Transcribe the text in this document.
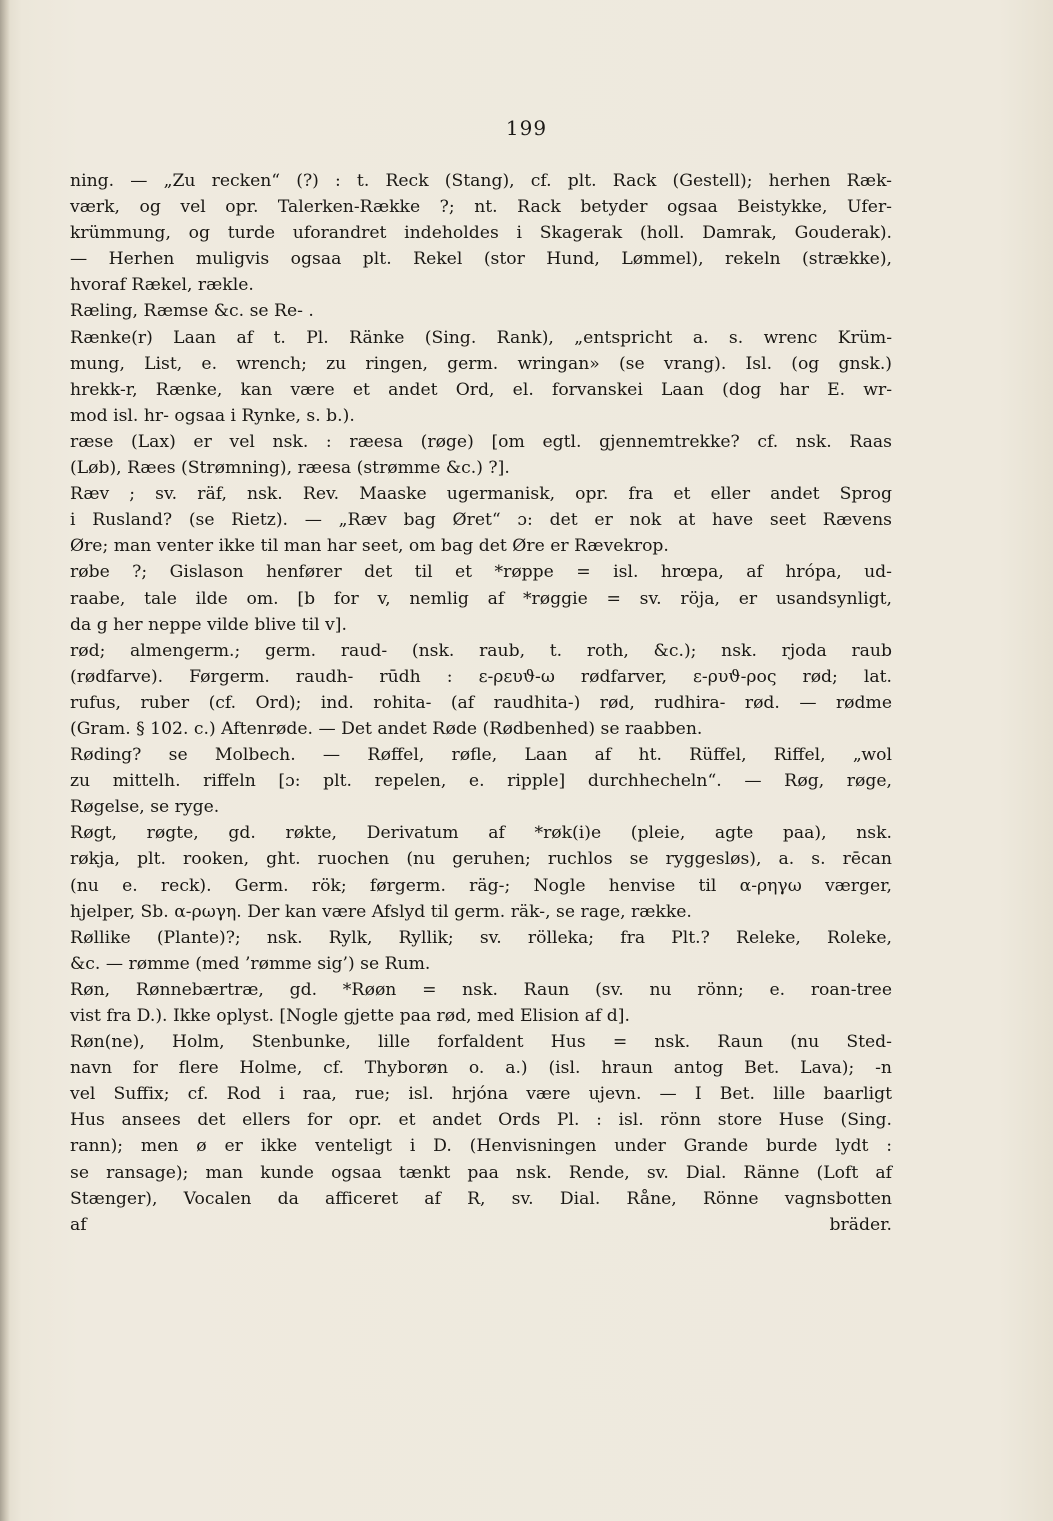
199
ning. — „Zu recken“ (?) : t. Reck (Stang), cf. plt. Rack (Gestell); herhen Ræk-
værk, og vel opr. Talerken-Række ?; nt. Rack betyder ogsaa Beistykke, Ufer-
krümmung, og turde uforandret indeholdes i Skagerak (holl. Damrak, Gouderak).
— Herhen muligvis ogsaa plt. Rekel (stor Hund, Lømmel), rekeln (strække),
hvoraf Rækel, rækle.
Ræling, Ræmse &c. se Re- .
Rænke(r) Laan af t. Pl. Ränke (Sing. Rank), „entspricht a. s. wrenc Krüm-
mung, List, e. wrench; zu ringen, germ. wringan» (se vrang). Isl. (og gnsk.)
hrekk-r, Rænke, kan være et andet Ord, el. forvanskei Laan (dog har E. wr-
mod isl. hr- ogsaa i Rynke, s. b.).
ræse (Lax) er vel nsk. : ræesa (røge) [om egtl. gjennemtrekke? cf. nsk. Raas
(Løb), Ræes (Strømning), ræesa (strømme &c.) ?].
Ræv ; sv. räf, nsk. Rev. Maaske ugermanisk, opr. fra et eller andet Sprog
i Rusland? (se Rietz). — „Ræv bag Øret“ ɔ: det er nok at have seet Rævens
Øre; man venter ikke til man har seet, om bag det Øre er Rævekrop.
røbe ?; Gislason henfører det til et *røppe = isl. hrœpa, af hrópa, ud-
raabe, tale ilde om. [b for v, nemlig af *røggie = sv. röja, er usandsynligt,
da g her neppe vilde blive til v].
rød; almengerm.; germ. raud- (nsk. raub, t. roth, &c.); nsk. rjoda raub
(rødfarve). Førgerm. raudh- rūdh : ε-ρευϑ-ω rødfarver, ε-ρυϑ-ρος rød; lat.
rufus, ruber (cf. Ord); ind. rohita- (af raudhita-) rød, rudhira- rød. — rødme
(Gram. § 102. c.) Aftenrøde. — Det andet Røde (Rødbenhed) se raabben.
Røding? se Molbech. — Røffel, røfle, Laan af ht. Rüffel, Riffel, „wol
zu mittelh. riffeln [ɔ: plt. repelen, e. ripple] durchhecheln“. — Røg, røge,
Røgelse, se ryge.
Røgt, røgte, gd. røkte, Derivatum af *røk(i)e (pleie, agte paa), nsk.
røkja, plt. rooken, ght. ruochen (nu geruhen; ruchlos se ryggesløs), a. s. rēcan
(nu e. reck). Germ. rök; førgerm. räg-; Nogle henvise til α-ρηγω værger,
hjelper, Sb. α-ρωγη. Der kan være Afslyd til germ. räk-, se rage, række.
Røllike (Plante)?; nsk. Rylk, Ryllik; sv. rölleka; fra Plt.? Releke, Roleke,
&c. — rømme (med ’rømme sig’) se Rum.
Røn, Rønnebærtræ, gd. *Røøn = nsk. Raun (sv. nu rönn; e. roan-tree
vist fra D.). Ikke oplyst. [Nogle gjette paa rød, med Elision af d].
Røn(ne), Holm, Stenbunke, lille forfaldent Hus = nsk. Raun (nu Sted-
navn for flere Holme, cf. Thyborøn o. a.) (isl. hraun antog Bet. Lava); -n
vel Suffix; cf. Rod i raa, rue; isl. hrjóna være ujevn. — I Bet. lille baarligt
Hus ansees det ellers for opr. et andet Ords Pl. : isl. rönn store Huse (Sing.
rann); men ø er ikke venteligt i D. (Henvisningen under Grande burde lydt :
se ransage); man kunde ogsaa tænkt paa nsk. Rende, sv. Dial. Ränne (Loft af
Stænger), Vocalen da afficeret af R, sv. Dial. Råne, Rönne vagnsbotten
af bräder.
